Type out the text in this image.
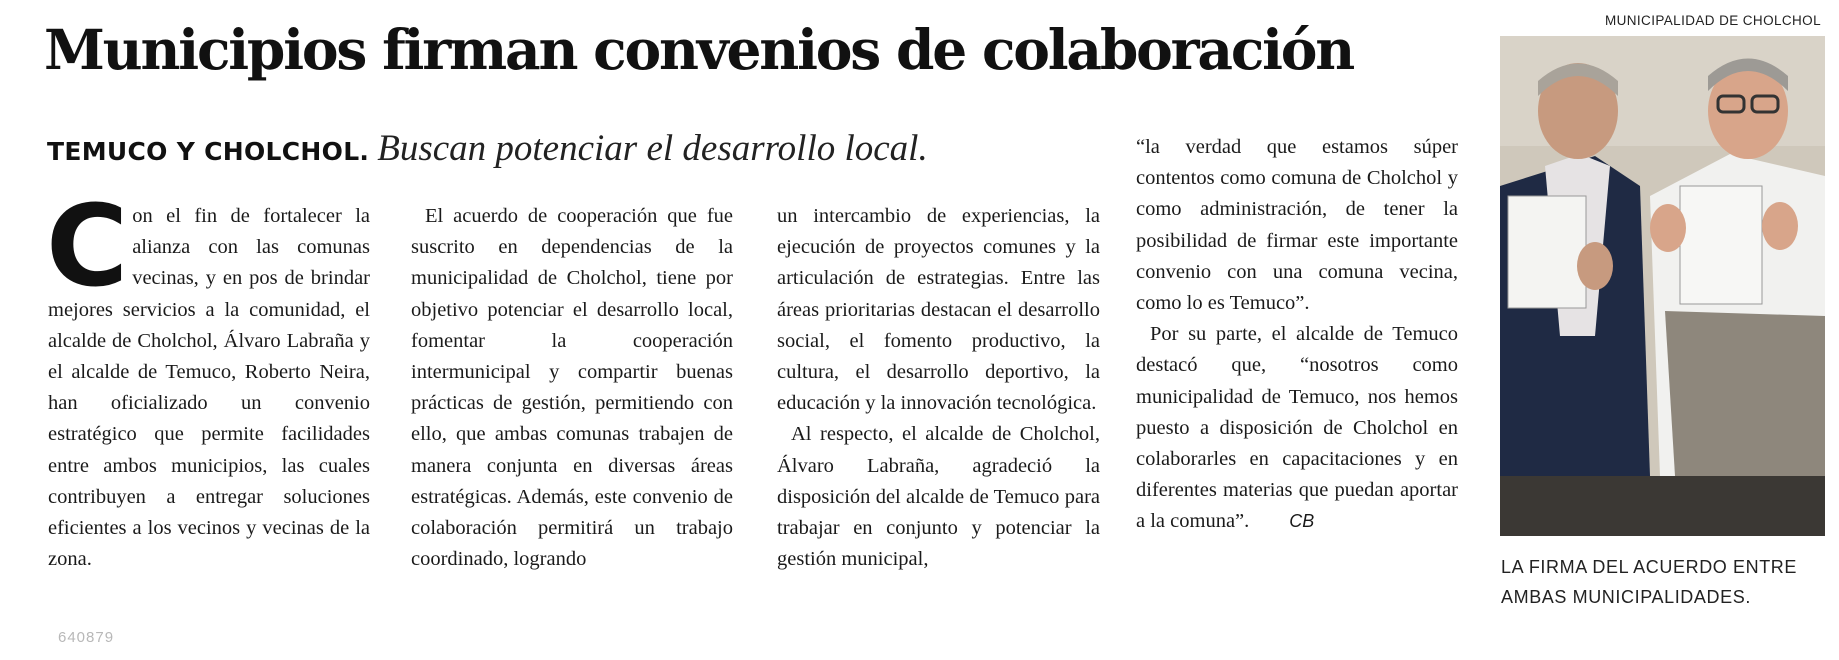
Municipios firman convenios de colaboración
TEMUCO Y CHOLCHOL. Buscan potenciar el desarrollo local.
C on el fin de fortalecer la alianza con las comunas vecinas, y en pos de brindar mejores servicios a la comunidad, el alcalde de Cholchol, Álvaro Labraña y el alcalde de Temuco, Roberto Neira, han oficializado un convenio estratégico que permite facilidades entre ambos municipios, las cuales contribuyen a entregar soluciones eficientes a los vecinos y vecinas de la zona.

El acuerdo de cooperación que fue suscrito en dependencias de la municipalidad de Cholchol, tiene por objetivo potenciar el desarrollo local, fomentar la cooperación intermunicipal y compartir buenas prácticas de gestión, permitiendo con ello, que ambas comunas trabajen de manera conjunta en diversas áreas estratégicas. Además, este convenio de colaboración permitirá un trabajo coordinado, logrando

un intercambio de experiencias, la ejecución de proyectos comunes y la articulación de estrategias. Entre las áreas prioritarias destacan el desarrollo social, el fomento productivo, la cultura, el desarrollo deportivo, la educación y la innovación tecnológica.

Al respecto, el alcalde de Cholchol, Álvaro Labraña, agradeció la disposición del alcalde de Temuco para trabajar en conjunto y potenciar la gestión municipal,

“la verdad que estamos súper contentos como comuna de Cholchol y como administración, de tener la posibilidad de firmar este importante convenio con una comuna vecina, como lo es Temuco”.

Por su parte, el alcalde de Temuco destacó que, “nosotros como municipalidad de Temuco, nos hemos puesto a disposición de Cholchol en colaborarles en capacitaciones y en diferentes materias que puedan aportar a la comuna”. CB

MUNICIPALIDAD DE CHOLCHOL
LA FIRMA DEL ACUERDO ENTRE AMBAS MUNICIPALIDADES.
640879
